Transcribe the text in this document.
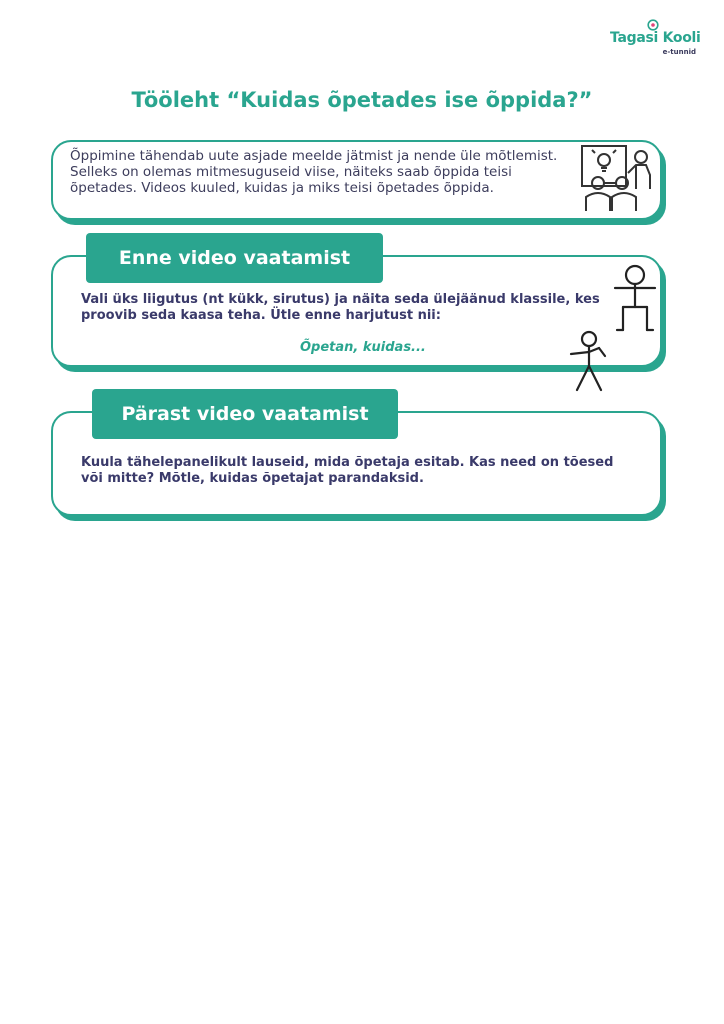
Tagasi Kooli
e-tunnid
Tööleht “Kuidas õpetades ise õppida?”

Õppimine tähendab uute asjade meelde jätmist ja nende üle mõtlemist. Selleks on olemas mitmesuguseid viise, näiteks saab õppida teisi õpetades. Videos kuuled, kuidas ja miks teisi õpetades õppida.

Enne video vaatamist

Vali üks liigutus (nt kükk, sirutus) ja näita seda ülejäänud klassile, kes proovib seda kaasa teha. Ütle enne harjutust nii:

Õpetan, kuidas...
Pärast video vaatamist

Kuula tähelepanelikult lauseid, mida õpetaja esitab. Kas need on tõesed või mitte? Mõtle, kuidas õpetajat parandaksid.
